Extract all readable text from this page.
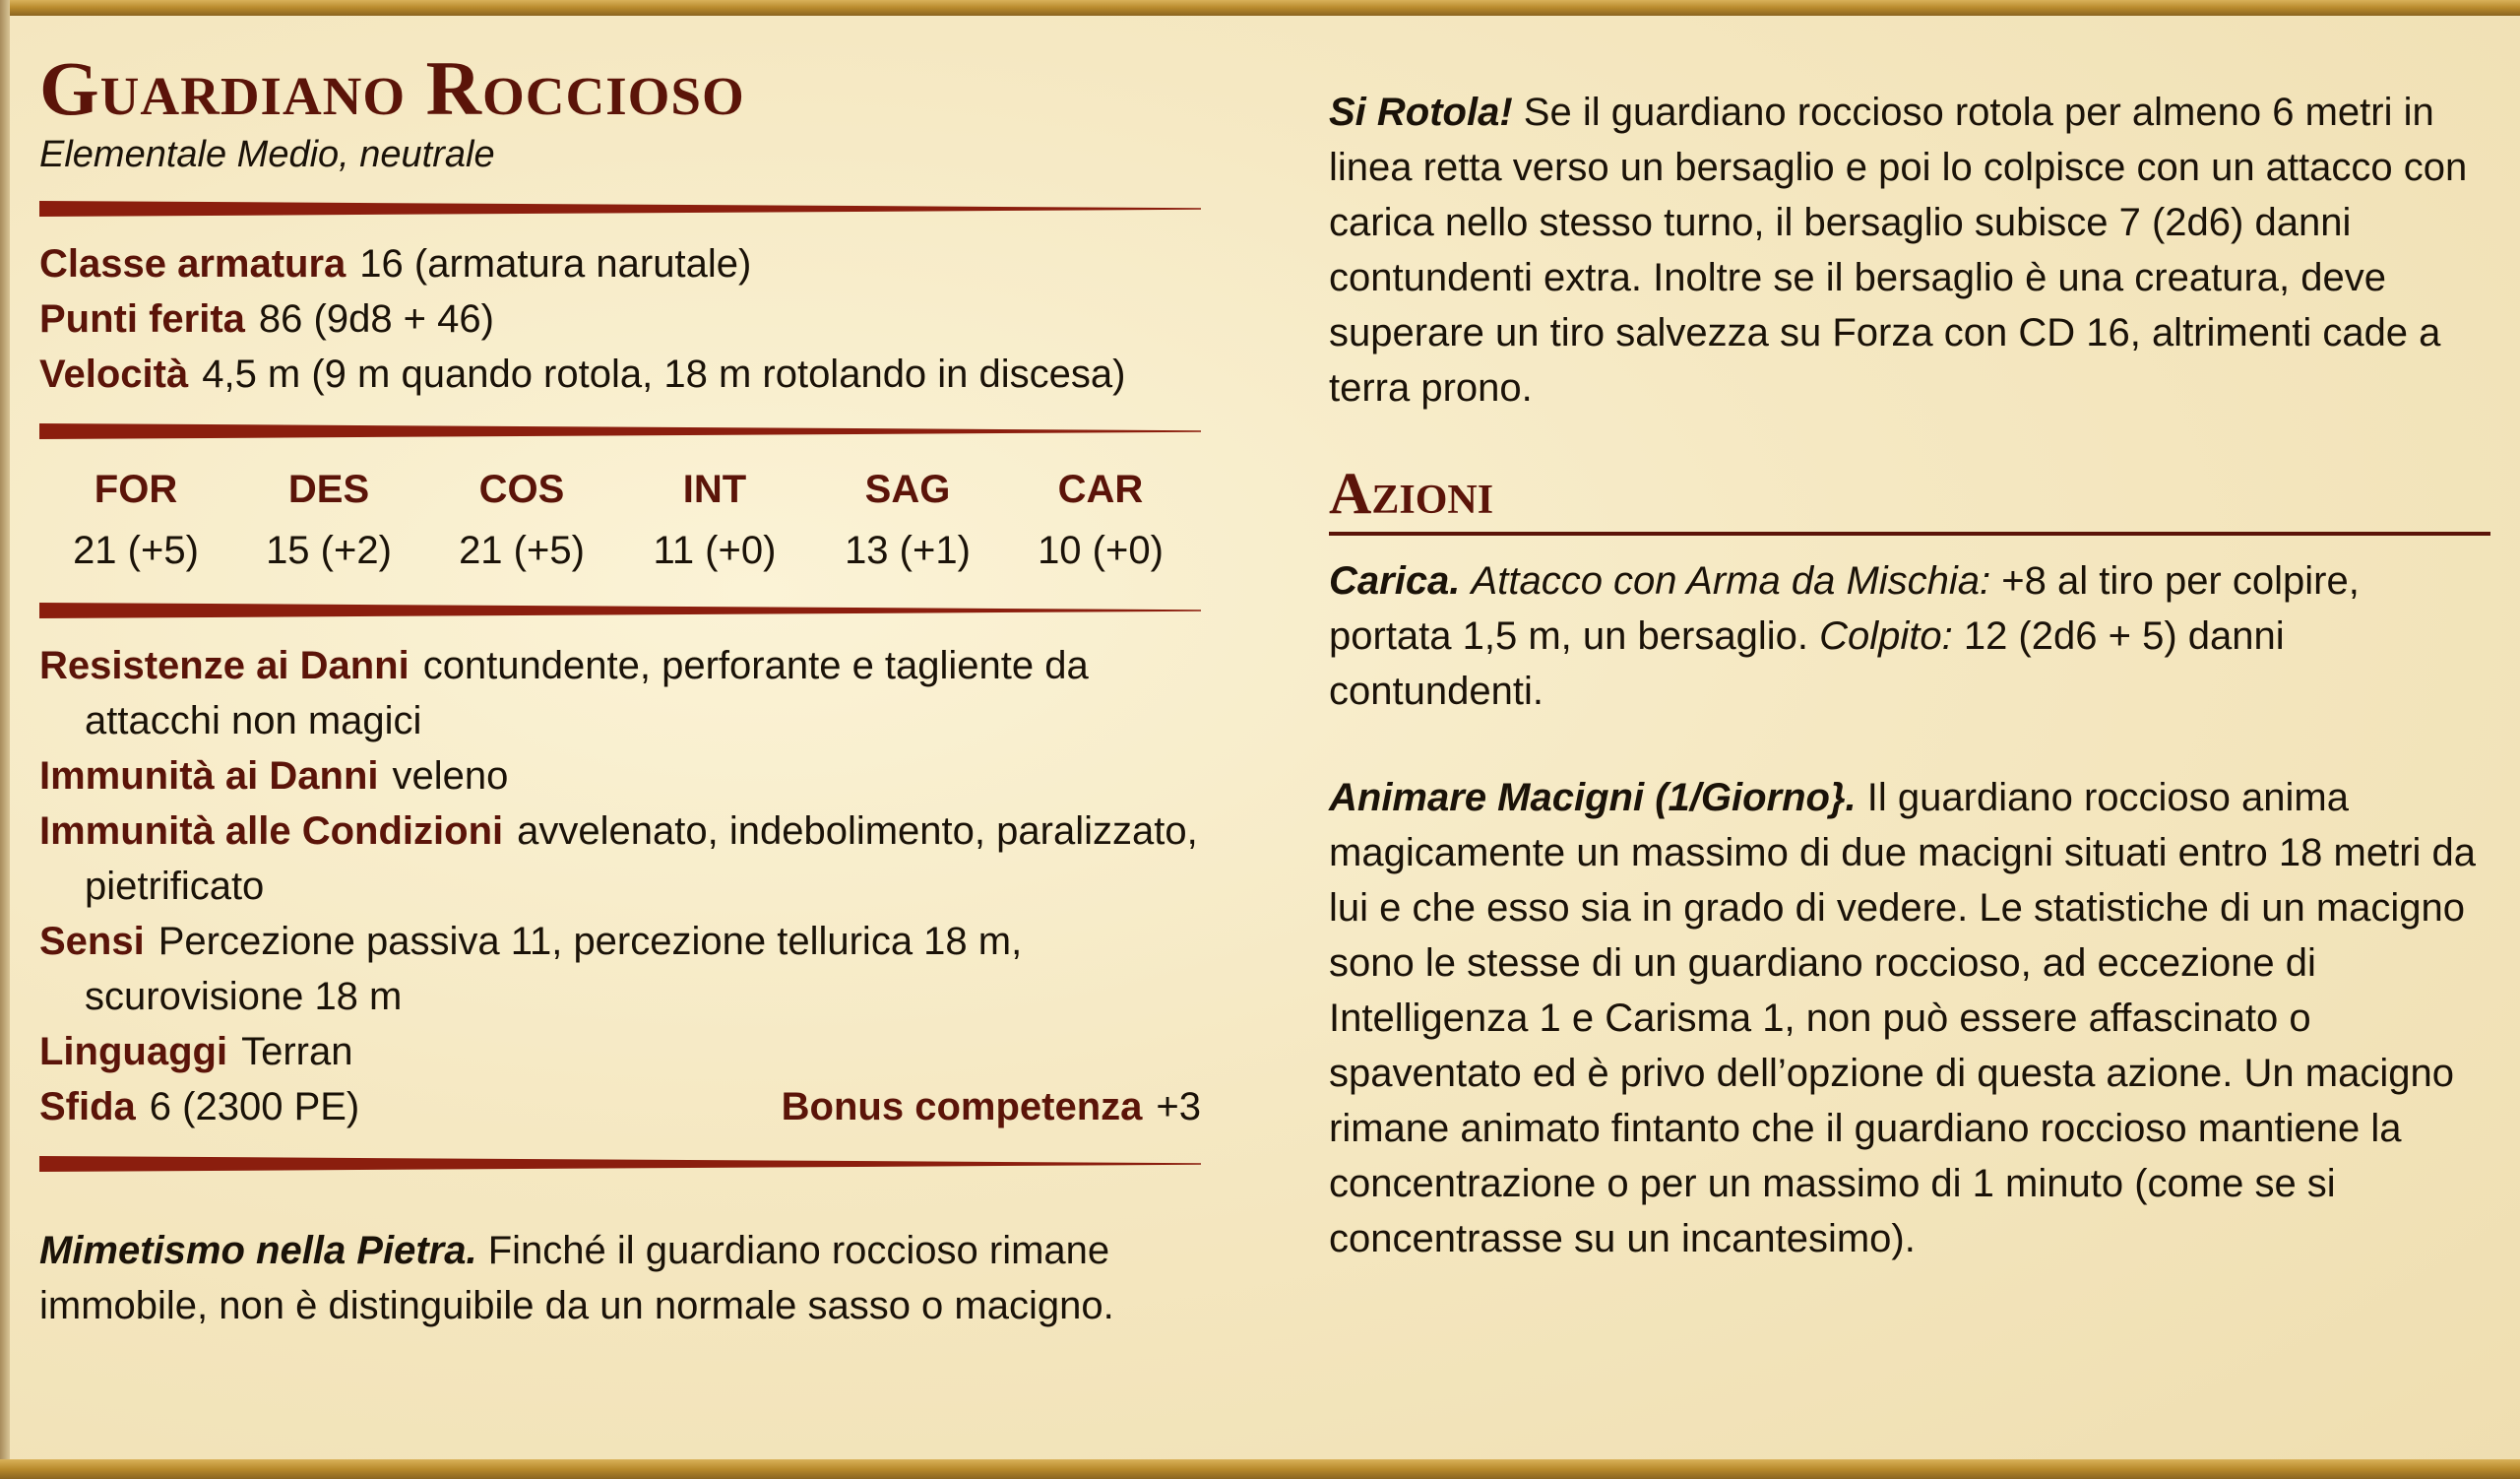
Guardiano Roccioso

Elementale Medio, neutrale

Classe armatura 16 (armatura narutale)

Punti ferita 86 (9d8 + 46)

Velocità 4,5 m (9 m quando rotola, 18 m rotolando in discesa)

FOR
21 (+5)
DES
15 (+2)
COS
21 (+5)
INT
11 (+0)
SAG
13 (+1)
CAR
10 (+0)

Resistenze ai Danni contundente, perforante e tagliente da attacchi non magici

Immunità ai Danni veleno

Immunità alle Condizioni avvelenato, indebolimento, paralizzato, pietrificato

Sensi Percezione passiva 11, percezione tellurica 18 m, scurovisione 18 m

Linguaggi Terran

Sfida 6 (2300 PE)	Bonus competenza +3

Mimetismo nella Pietra. Finché il guardiano roccioso rimane immobile, non è distinguibile da un normale sasso o macigno.

Si Rotola! Se il guardiano roccioso rotola per almeno 6 metri in linea retta verso un bersaglio e poi lo colpisce con un attacco con carica nello stesso turno, il bersaglio subisce 7 (2d6) danni contundenti extra. Inoltre se il bersaglio è una creatura, deve superare un tiro salvezza su Forza con CD 16, altrimenti cade a terra prono.

Azioni

Carica. Attacco con Arma da Mischia: +8 al tiro per colpire, portata 1,5 m, un bersaglio. Colpito: 12 (2d6 + 5) danni contundenti.

Animare Macigni (1/Giorno}. Il guardiano roccioso anima magicamente un massimo di due macigni situati entro 18 metri da lui e che esso sia in grado di vedere. Le statistiche di un macigno sono le stesse di un guardiano roccioso, ad eccezione di Intelligenza 1 e Carisma 1, non può essere affascinato o spaventato ed è privo dell’opzione di questa azione. Un macigno rimane animato fintanto che il guardiano roccioso mantiene la concentrazione o per un massimo di 1 minuto (come se si concentrasse su un incantesimo).
